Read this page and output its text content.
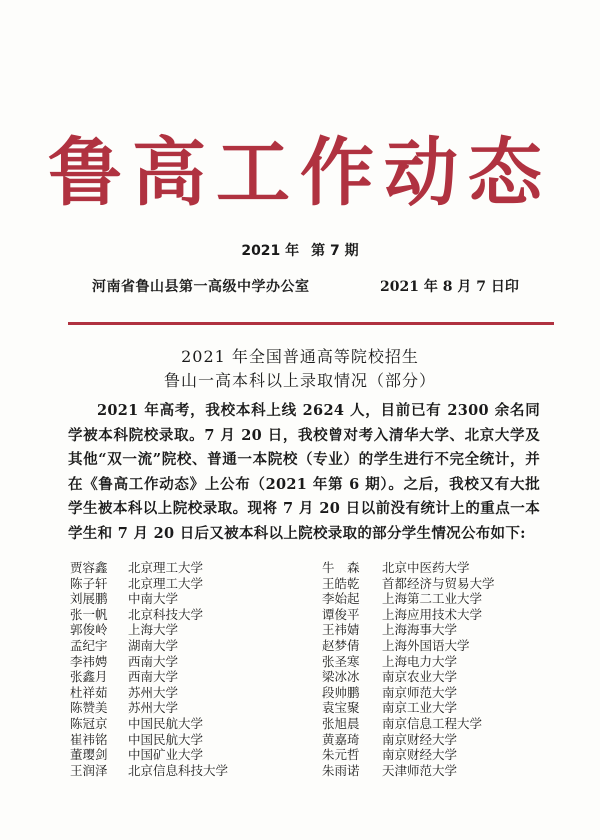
鲁高工作动态
2021 年 第 7 期
河南省鲁山县第一高级中学办公室	2021 年 8 月 7 日印
2021 年全国普通高等院校招生
鲁山一高本科以上录取情况（部分）

2021 年高考，我校本科上线 2624 人，目前已有 2300 余名同学被本科院校录取。7 月 20 日，我校曾对考入清华大学、北京大学及其他“双一流”院校、普通一本院校（专业）的学生进行不完全统计，并在《鲁高工作动态》上公布（2021 年第 6 期）。之后，我校又有大批学生被本科以上院校录取。现将 7 月 20 日以前没有统计上的重点一本学生和 7 月 20 日后又被本科以上院校录取的部分学生情况公布如下:

贾容鑫 北京理工大学
陈子轩 北京理工大学
刘展鹏 中南大学
张一帆 北京科技大学
郭俊岭 上海大学
孟纪宇 湖南大学
李祎娉 西南大学
张鑫月 西南大学
杜祥茹 苏州大学
陈赞美 苏州大学
陈冠京 中国民航大学
崔祎铭 中国民航大学
董璎剑 中国矿业大学
王润泽 北京信息科技大学
牛　森 北京中医药大学
王皓乾 首都经济与贸易大学
李始起 上海第二工业大学
谭俊平 上海应用技术大学
王祎婧 上海海事大学
赵梦倩 上海外国语大学
张圣寒 上海电力大学
梁冰冰 南京农业大学
段帅鹏 南京师范大学
袁宝聚 南京工业大学
张旭晨 南京信息工程大学
黄嘉琦 南京财经大学
朱元哲 南京财经大学
朱雨诺 天津师范大学
